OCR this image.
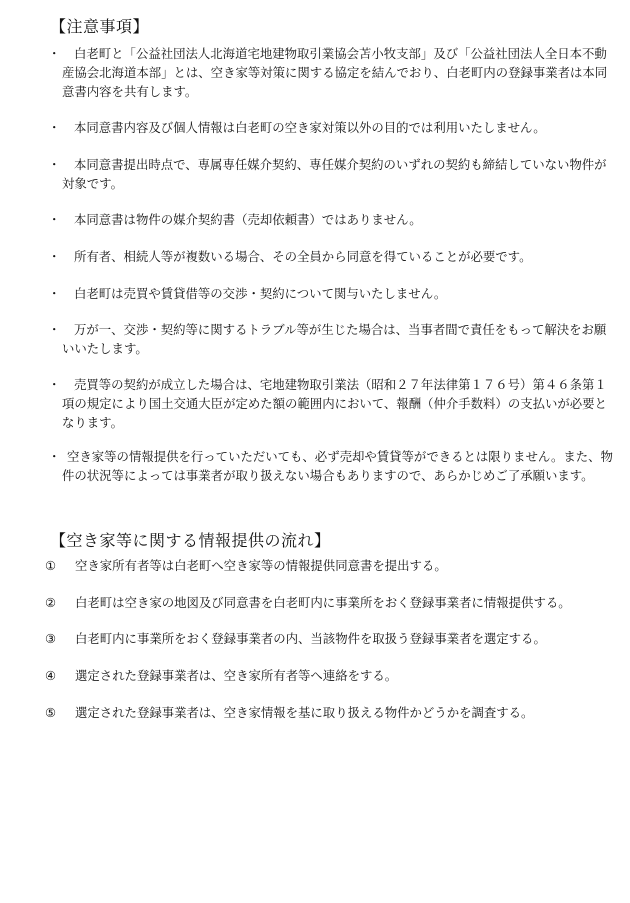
【注意事項】
・	白老町と「公益社団法人北海道宅地建物取引業協会苫小牧支部」及び「公益社団法人全日本不動産協会北海道本部」とは、空き家等対策に関する協定を結んでおり、白老町内の登録事業者は本同意書内容を共有します。
・	本同意書内容及び個人情報は白老町の空き家対策以外の目的では利用いたしません。
・	本同意書提出時点で、専属専任媒介契約、専任媒介契約のいずれの契約も締結していない物件が対象です。
・	本同意書は物件の媒介契約書（売却依頼書）ではありません。
・	所有者、相続人等が複数いる場合、その全員から同意を得ていることが必要です。
・	白老町は売買や賃貸借等の交渉・契約について関与いたしません。
・	万が一、交渉・契約等に関するトラブル等が生じた場合は、当事者間で責任をもって解決をお願いいたします。
・	売買等の契約が成立した場合は、宅地建物取引業法（昭和２７年法律第１７６号）第４６条第１項の規定により国土交通大臣が定めた額の範囲内において、報酬（仲介手数料）の支払いが必要となります。
・ 空き家等の情報提供を行っていただいても、必ず売却や賃貸等ができるとは限りません。また、物件の状況等によっては事業者が取り扱えない場合もありますので、あらかじめご了承願います。
【空き家等に関する情報提供の流れ】
①	空き家所有者等は白老町へ空き家等の情報提供同意書を提出する。
②	白老町は空き家の地図及び同意書を白老町内に事業所をおく登録事業者に情報提供する。
③	白老町内に事業所をおく登録事業者の内、当該物件を取扱う登録事業者を選定する。
④	選定された登録事業者は、空き家所有者等へ連絡をする。
⑤	選定された登録事業者は、空き家情報を基に取り扱える物件かどうかを調査する。
